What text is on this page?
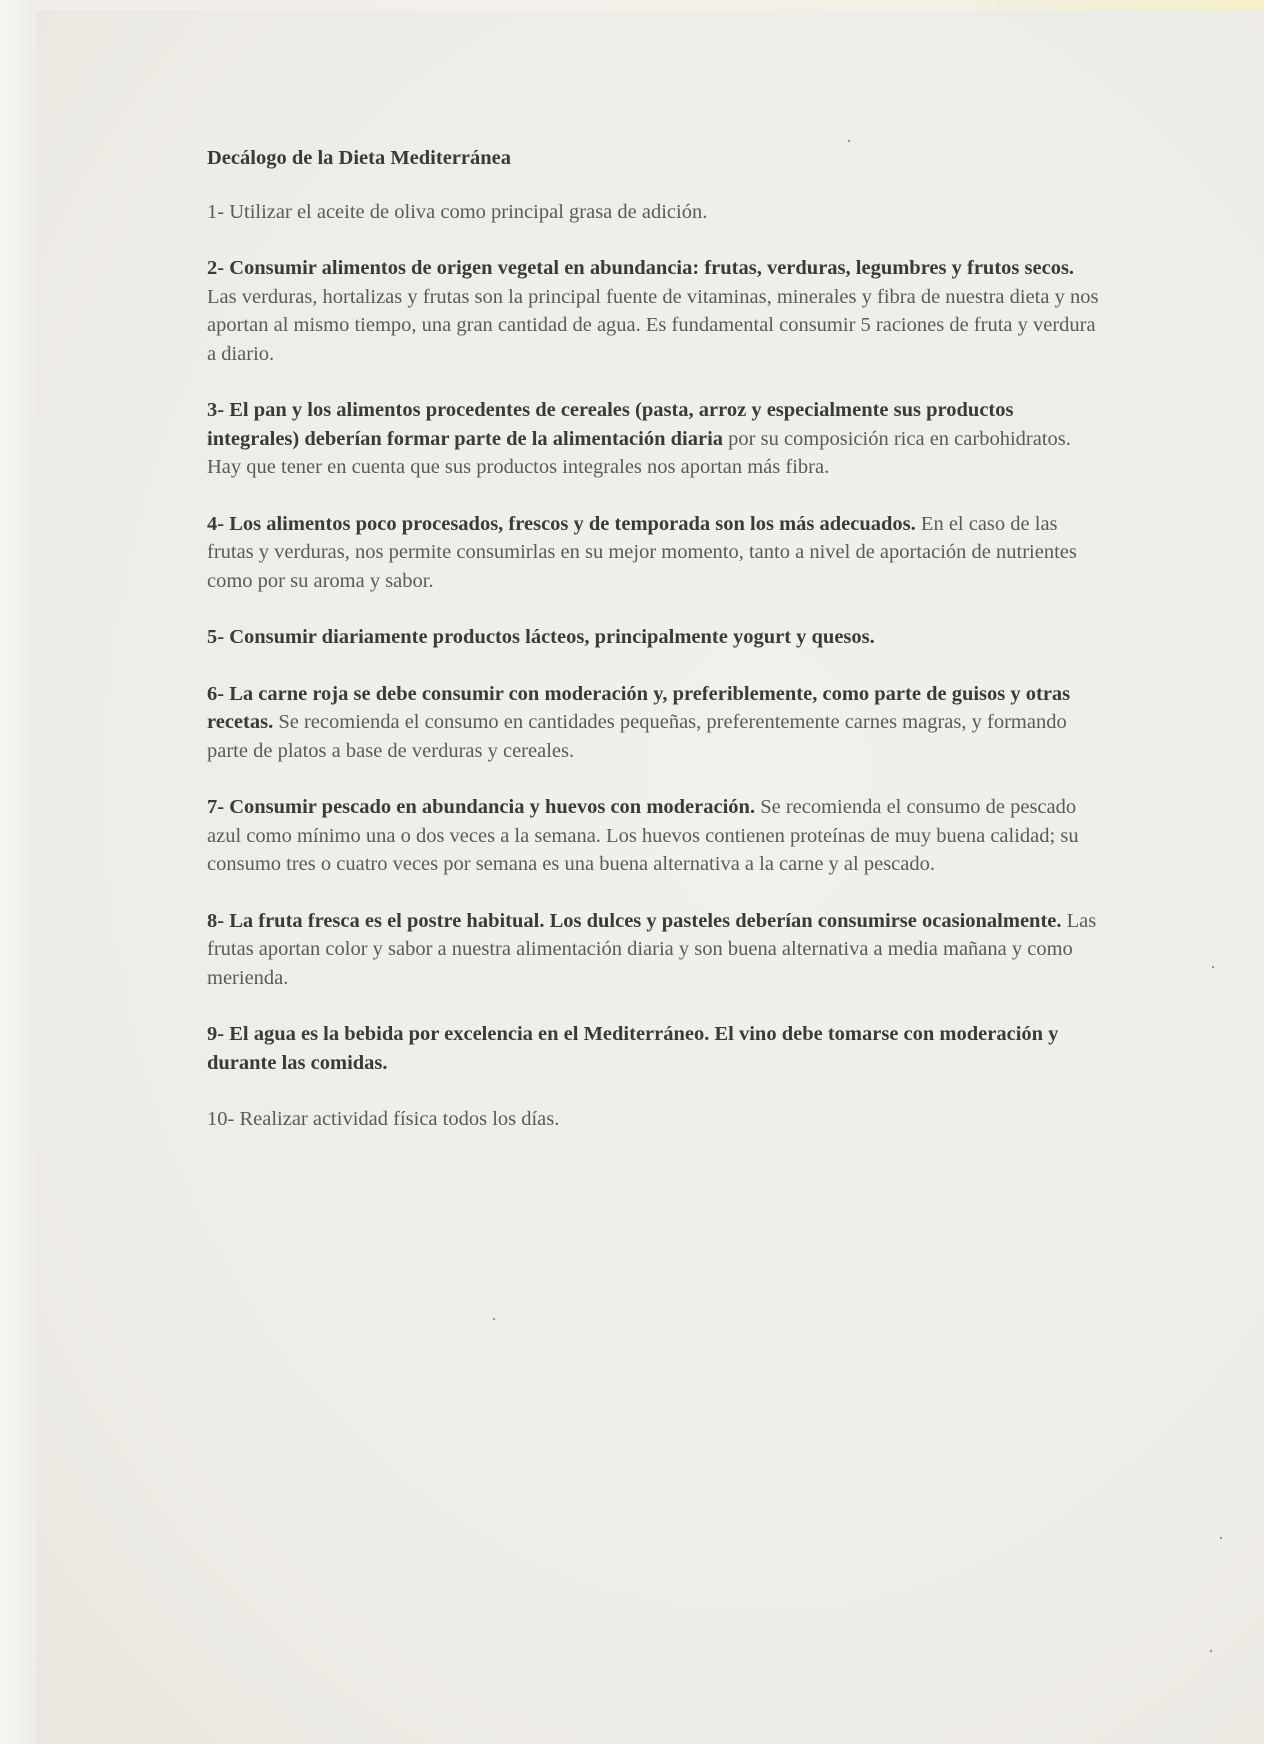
Decálogo de la Dieta Mediterránea
1- Utilizar el aceite de oliva como principal grasa de adición.
2- Consumir alimentos de origen vegetal en abundancia: frutas, verduras, legumbres y frutos secos. Las verduras, hortalizas y frutas son la principal fuente de vitaminas, minerales y fibra de nuestra dieta y nos aportan al mismo tiempo, una gran cantidad de agua. Es fundamental consumir 5 raciones de fruta y verdura a diario.
3- El pan y los alimentos procedentes de cereales (pasta, arroz y especialmente sus productos integrales) deberían formar parte de la alimentación diaria por su composición rica en carbohidratos. Hay que tener en cuenta que sus productos integrales nos aportan más fibra.
4- Los alimentos poco procesados, frescos y de temporada son los más adecuados. En el caso de las frutas y verduras, nos permite consumirlas en su mejor momento, tanto a nivel de aportación de nutrientes como por su aroma y sabor.
5- Consumir diariamente productos lácteos, principalmente yogurt y quesos.
6- La carne roja se debe consumir con moderación y, preferiblemente, como parte de guisos y otras recetas. Se recomienda el consumo en cantidades pequeñas, preferentemente carnes magras, y formando parte de platos a base de verduras y cereales.
7- Consumir pescado en abundancia y huevos con moderación. Se recomienda el consumo de pescado azul como mínimo una o dos veces a la semana. Los huevos contienen proteínas de muy buena calidad; su consumo tres o cuatro veces por semana es una buena alternativa a la carne y al pescado.
8- La fruta fresca es el postre habitual. Los dulces y pasteles deberían consumirse ocasionalmente. Las frutas aportan color y sabor a nuestra alimentación diaria y son buena alternativa a media mañana y como merienda.
9- El agua es la bebida por excelencia en el Mediterráneo. El vino debe tomarse con moderación y durante las comidas.
10- Realizar actividad física todos los días.
